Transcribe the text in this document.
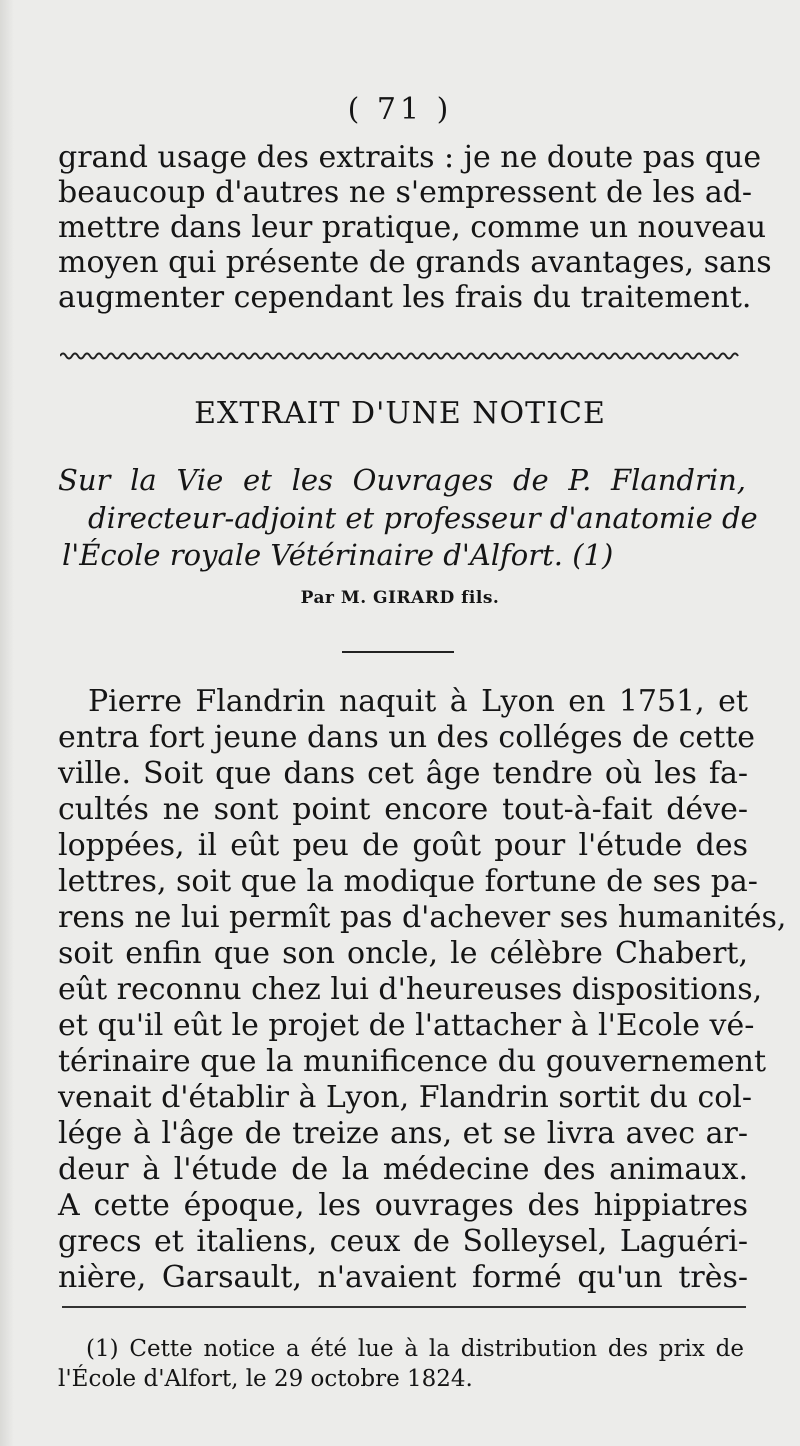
( 71 )
grand usage des extraits : je ne doute pas que
beaucoup d'autres ne s'empressent de les ad-
mettre dans leur pratique, comme un nouveau
moyen qui présente de grands avantages, sans
augmenter cependant les frais du traitement.
EXTRAIT D'UNE NOTICE
Sur la Vie et les Ouvrages de P. Flandrin,
directeur-adjoint et professeur d'anatomie de
l'École royale Vétérinaire d'Alfort. (1)
Par M. GIRARD fils.
Pierre Flandrin naquit à Lyon en 1751, et
entra fort jeune dans un des colléges de cette
ville. Soit que dans cet âge tendre où les fa-
cultés ne sont point encore tout-à-fait déve-
loppées, il eût peu de goût pour l'étude des
lettres, soit que la modique fortune de ses pa-
rens ne lui permît pas d'achever ses humanités,
soit enfin que son oncle, le célèbre Chabert,
eût reconnu chez lui d'heureuses dispositions,
et qu'il eût le projet de l'attacher à l'Ecole vé-
térinaire que la munificence du gouvernement
venait d'établir à Lyon, Flandrin sortit du col-
lége à l'âge de treize ans, et se livra avec ar-
deur à l'étude de la médecine des animaux.
A cette époque, les ouvrages des hippiatres
grecs et italiens, ceux de Solleysel, Laguéri-
nière, Garsault, n'avaient formé qu'un très-
(1) Cette notice a été lue à la distribution des prix de
l'École d'Alfort, le 29 octobre 1824.
